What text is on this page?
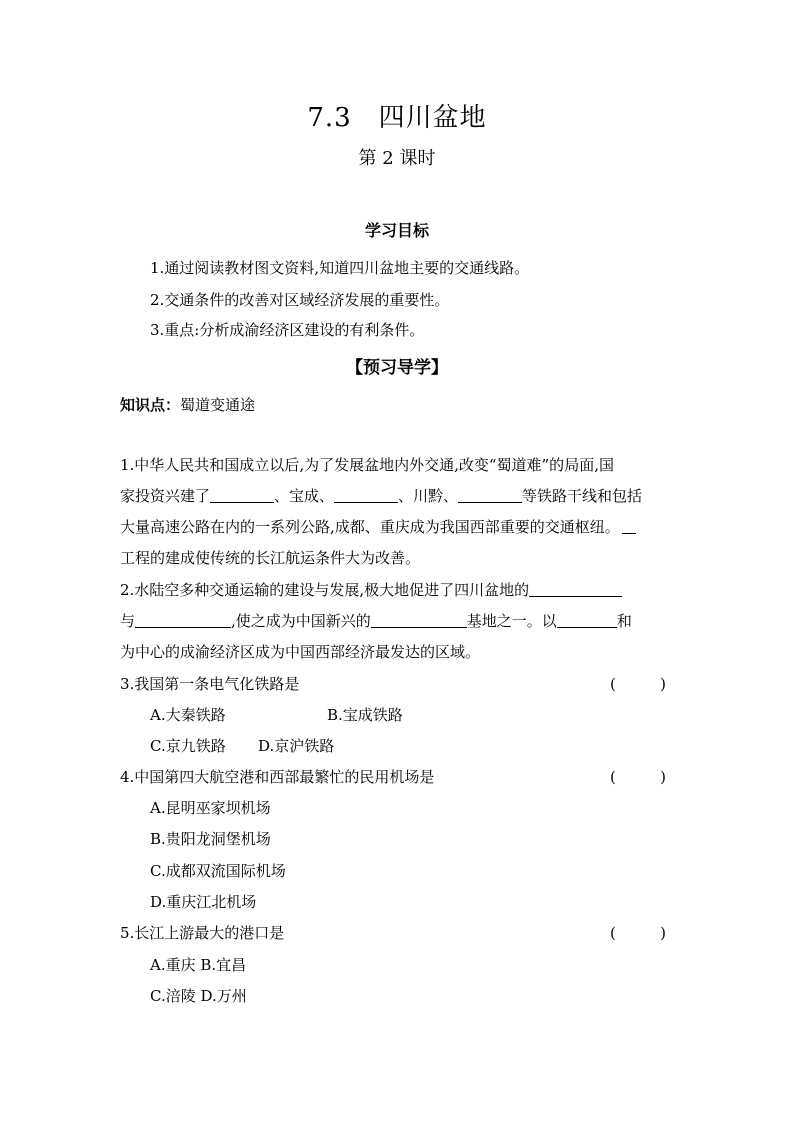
7.3　四川盆地
第 2 课时
学习目标
1.通过阅读教材图文资料,知道四川盆地主要的交通线路。
2.交通条件的改善对区域经济发展的重要性。
3.重点:分析成渝经济区建设的有利条件。
【预习导学】
知识点：蜀道变通途
1.中华人民共和国成立以后,为了发展盆地内外交通,改变“蜀道难”的局面,国
家投资兴建了	、宝成、	、川黔、	等铁路干线和包括
大量高速公路在内的一系列公路,成都、重庆成为我国西部重要的交通枢纽。
工程的建成使传统的长江航运条件大为改善。
2.水陆空多种交通运输的建设与发展,极大地促进了四川盆地的
与	,使之成为中国新兴的	基地之一。以	和
为中心的成渝经济区成为中国西部经济最发达的区域。
3.我国第一条电气化铁路是	(	)
A.大秦铁路	B.宝成铁路
C.京九铁路 D.京沪铁路
4.中国第四大航空港和西部最繁忙的民用机场是	(	)
A.昆明巫家坝机场
B.贵阳龙洞堡机场
C.成都双流国际机场
D.重庆江北机场
5.长江上游最大的港口是	(	)
A.重庆 B.宜昌
C.涪陵 D.万州
